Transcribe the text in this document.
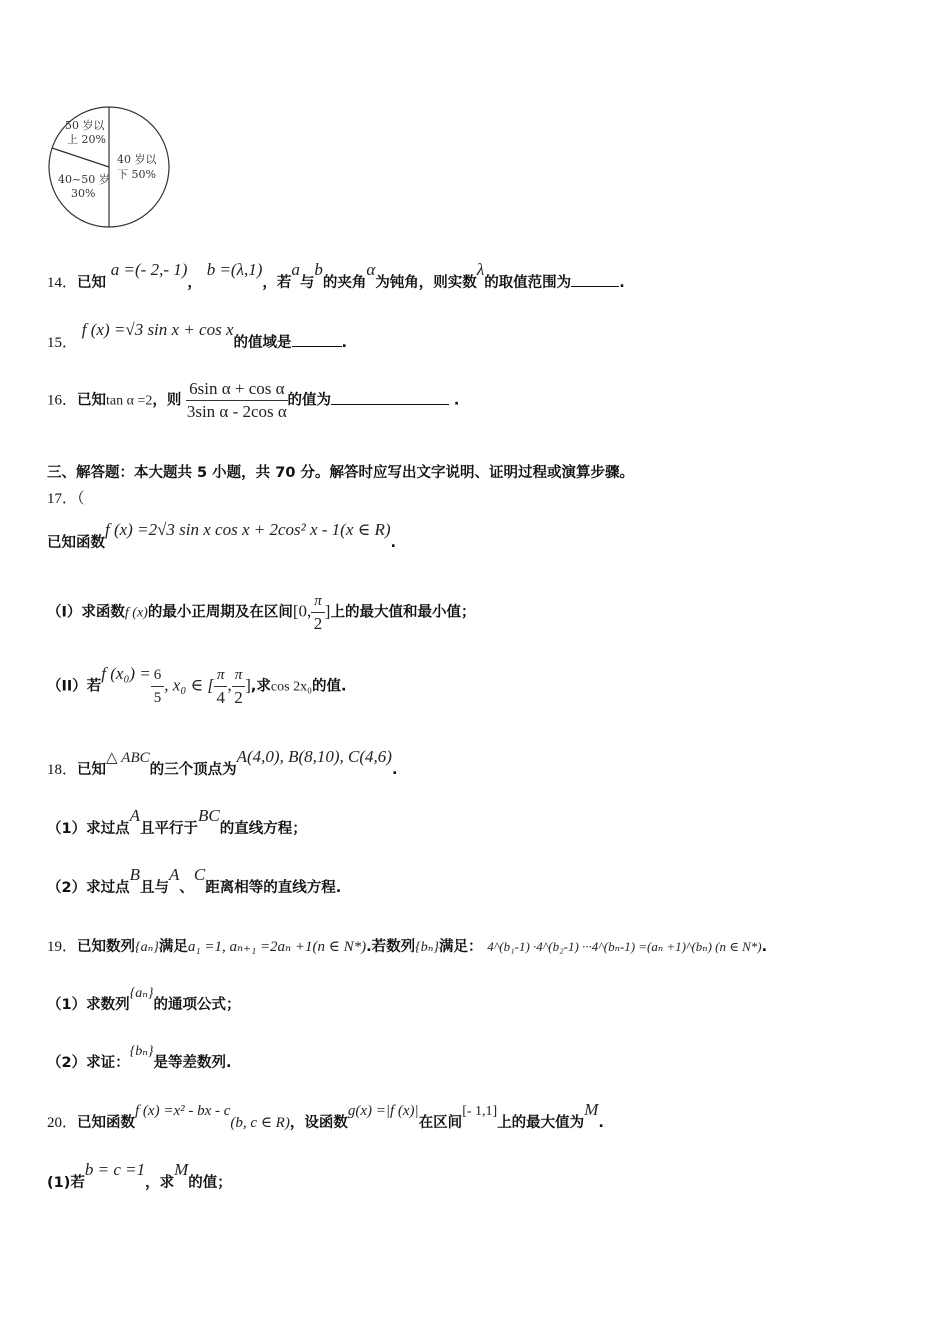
50 岁以
上 20%
40 岁以
下 50%
40~50 岁
30%
14．已知 a =(- 2,- 1)， b =(λ,1)，若a与b的夹角α为钝角，则实数λ的取值范围为	.
15． f (x) =√3 sin x + cos x的值域是	.
16．已知tan α =2，则 $\frac{\text{6sin α + cos α}}{\text{3sin α - 2cos α}}$ 的值为	.
三、解答题：本大题共 5 小题，共 70 分。解答时应写出文字说明、证明过程或演算步骤。
17．（
已知函数f (x) =2√3 sin x cos x + 2cos² x - 1(x ∈ R).
（I）求函数f (x)的最小正周期及在区间[0, $\frac{\pi}{2}$ ]上的最大值和最小值；
（II）若f $(x_0) = \frac{6}{5}$ , x₀ ∈ [ $\frac{\pi}{4}$ , $\frac{\pi}{2}$ ],求cos 2x₀的值.
18．已知△ ABC的三个顶点为A(4,0), B(8,10), C(4,6).
（1）求过点A且平行于BC的直线方程；
（2）求过点B且与A、C距离相等的直线方程.
19．已知数列{aₙ}满足a₁ =1, aₙ₊₁ =2aₙ +1(n ∈ N*).若数列{bₙ}满足： 4^(b₁-1) ·4^(b₂-1) ···4^(bₙ-1) =(aₙ +1)^(bₙ) (n ∈ N*).
（1）求数列{aₙ}的通项公式；
（2）求证：{bₙ}是等差数列.
20．已知函数f (x) =x² - bx - c(b, c ∈ R)，设函数g(x) =|f (x)|在区间[- 1,1]上的最大值为M.
(1)若b = c =1，求M的值；
